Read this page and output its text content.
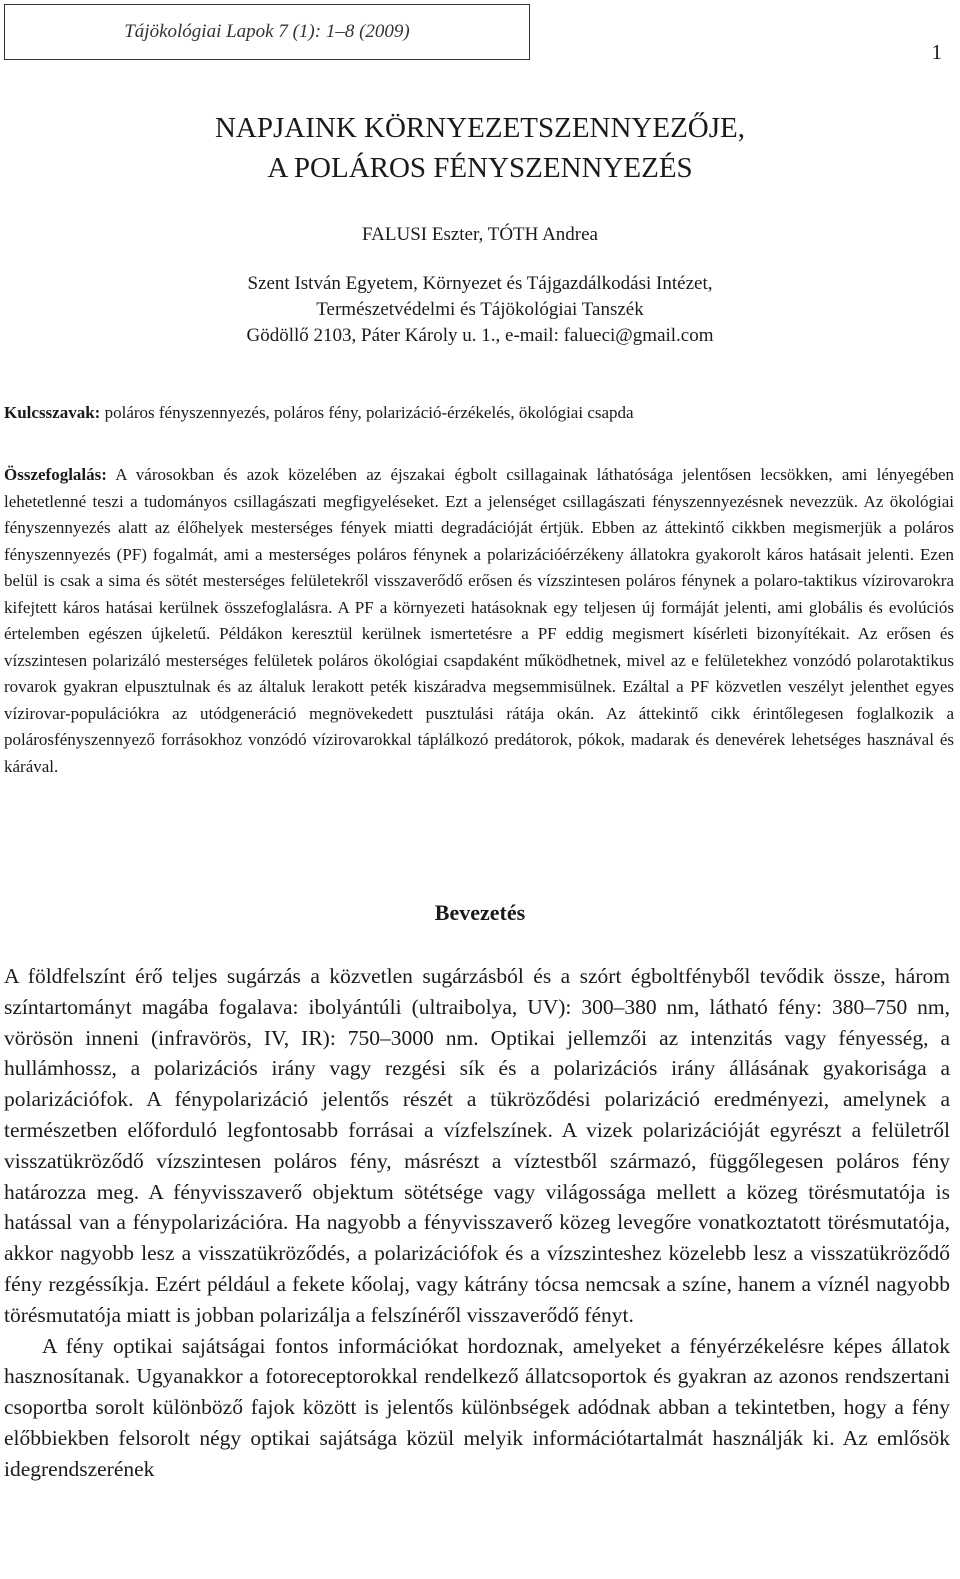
Tájökológiai Lapok 7 (1): 1–8 (2009)
1
NAPJAINK KÖRNYEZETSZENNYEZŐJE,
A POLÁROS FÉNYSZENNYEZÉS
FALUSI Eszter, TÓTH Andrea
Szent István Egyetem, Környezet és Tájgazdálkodási Intézet,
Természetvédelmi és Tájökológiai Tanszék
Gödöllő 2103, Páter Károly u. 1., e-mail: falueci@gmail.com
Kulcsszavak: poláros fényszennyezés, poláros fény, polarizáció-érzékelés, ökológiai csapda
Összefoglalás: A városokban és azok közelében az éjszakai égbolt csillagainak láthatósága jelentősen lecsökken, ami lényegében lehetetlenné teszi a tudományos csillagászati megfigyeléseket. Ezt a jelenséget csillagászati fényszennyezésnek nevezzük. Az ökológiai fényszennyezés alatt az élőhelyek mesterséges fények miatti degradációját értjük. Ebben az áttekintő cikkben megismerjük a poláros fényszennyezés (PF) fogalmát, ami a mesterséges poláros fénynek a polarizációérzékeny állatokra gyakorolt káros hatásait jelenti. Ezen belül is csak a sima és sötét mesterséges felületekről visszaverődő erősen és vízszintesen poláros fénynek a polaro-taktikus vízirovarokra kifejtett káros hatásai kerülnek összefoglalásra. A PF a környezeti hatásoknak egy teljesen új formáját jelenti, ami globális és evolúciós értelemben egészen újkeletű. Példákon keresztül kerülnek ismertetésre a PF eddig megismert kísérleti bizonyítékait. Az erősen és vízszintesen polarizáló mesterséges felületek poláros ökológiai csapdaként működhetnek, mivel az e felületekhez vonzódó polarotaktikus rovarok gyakran elpusztulnak és az általuk lerakott peték kiszáradva megsemmisülnek. Ezáltal a PF közvetlen veszélyt jelenthet egyes vízirovar-populációkra az utódgeneráció megnövekedett pusztulási rátája okán. Az áttekintő cikk érintőlegesen foglalkozik a polárosfényszennyező forrásokhoz vonzódó vízirovarokkal táplálkozó predátorok, pókok, madarak és denevérek lehetséges hasznával és kárával.
Bevezetés

A földfelszínt érő teljes sugárzás a közvetlen sugárzásból és a szórt égboltfényből tevődik össze, három színtartományt magába fogalava: ibolyántúli (ultraibolya, UV): 300–380 nm, látható fény: 380–750 nm, vörösön inneni (infravörös, IV, IR): 750–3000 nm. Optikai jellemzői az intenzitás vagy fényesség, a hullámhossz, a polarizációs irány vagy rezgési sík és a polarizációs irány állásának gyakorisága a polarizációfok. A fénypolarizáció jelentős részét a tükröződési polarizáció eredményezi, amelynek a természetben előforduló legfontosabb forrásai a vízfelszínek. A vizek polarizációját egyrészt a felületről visszatükröződő vízszintesen poláros fény, másrészt a víztestből származó, függőlegesen poláros fény határozza meg. A fényvisszaverő objektum sötétsége vagy világossága mellett a közeg törésmutatója is hatással van a fénypolarizációra. Ha nagyobb a fényvisszaverő közeg levegőre vonatkoztatott törésmutatója, akkor nagyobb lesz a visszatükröződés, a polarizációfok és a vízszinteshez közelebb lesz a visszatükröződő fény rezgéssíkja. Ezért például a fekete kőolaj, vagy kátrány tócsa nemcsak a színe, hanem a víznél nagyobb törésmutatója miatt is jobban polarizálja a felszínéről visszaverődő fényt.

A fény optikai sajátságai fontos információkat hordoznak, amelyeket a fényérzékelésre képes állatok hasznosítanak. Ugyanakkor a fotoreceptorokkal rendelkező állatcsoportok és gyakran az azonos rendszertani csoportba sorolt különböző fajok között is jelentős különbségek adódnak abban a tekintetben, hogy a fény előbbiekben felsorolt négy optikai sajátsága közül melyik információtartalmát használják ki. Az emlősök idegrendszerének
